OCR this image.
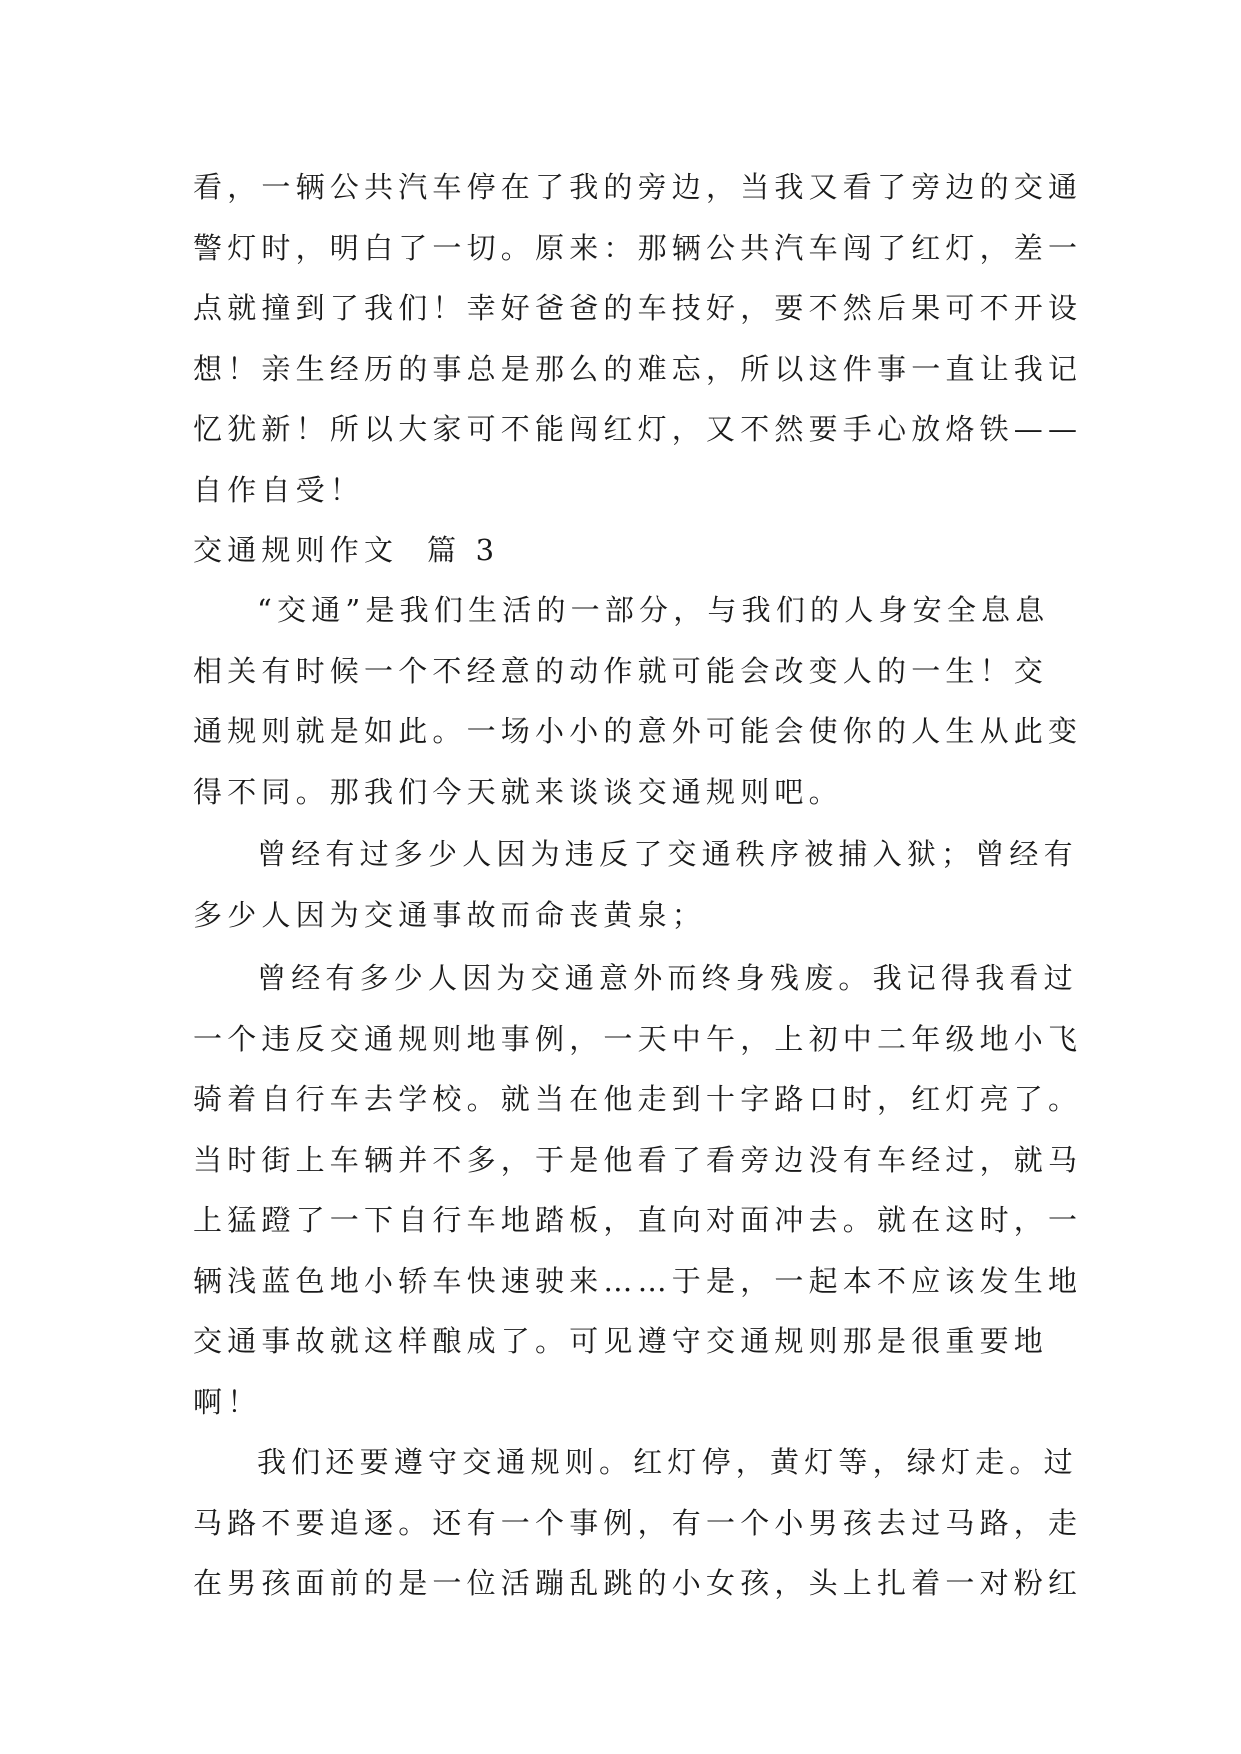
看，一辆公共汽车停在了我的旁边，当我又看了旁边的交通
警灯时，明白了一切。原来：那辆公共汽车闯了红灯，差一
点就撞到了我们！幸好爸爸的车技好，要不然后果可不开设
想！亲生经历的事总是那么的难忘，所以这件事一直让我记
忆犹新！所以大家可不能闯红灯，又不然要手心放烙铁——
自作自受！
交通规则作文  篇 3
“交通”是我们生活的一部分，与我们的人身安全息息
相关有时候一个不经意的动作就可能会改变人的一生！交
通规则就是如此。一场小小的意外可能会使你的人生从此变
得不同。那我们今天就来谈谈交通规则吧。
曾经有过多少人因为违反了交通秩序被捕入狱；曾经有
多少人因为交通事故而命丧黄泉；
曾经有多少人因为交通意外而终身残废。我记得我看过
一个违反交通规则地事例，一天中午，上初中二年级地小飞
骑着自行车去学校。就当在他走到十字路口时，红灯亮了。
当时街上车辆并不多，于是他看了看旁边没有车经过，就马
上猛蹬了一下自行车地踏板，直向对面冲去。就在这时，一
辆浅蓝色地小轿车快速驶来……于是，一起本不应该发生地
交通事故就这样酿成了。可见遵守交通规则那是很重要地
啊！
我们还要遵守交通规则。红灯停，黄灯等，绿灯走。过
马路不要追逐。还有一个事例，有一个小男孩去过马路，走
在男孩面前的是一位活蹦乱跳的小女孩，头上扎着一对粉红
